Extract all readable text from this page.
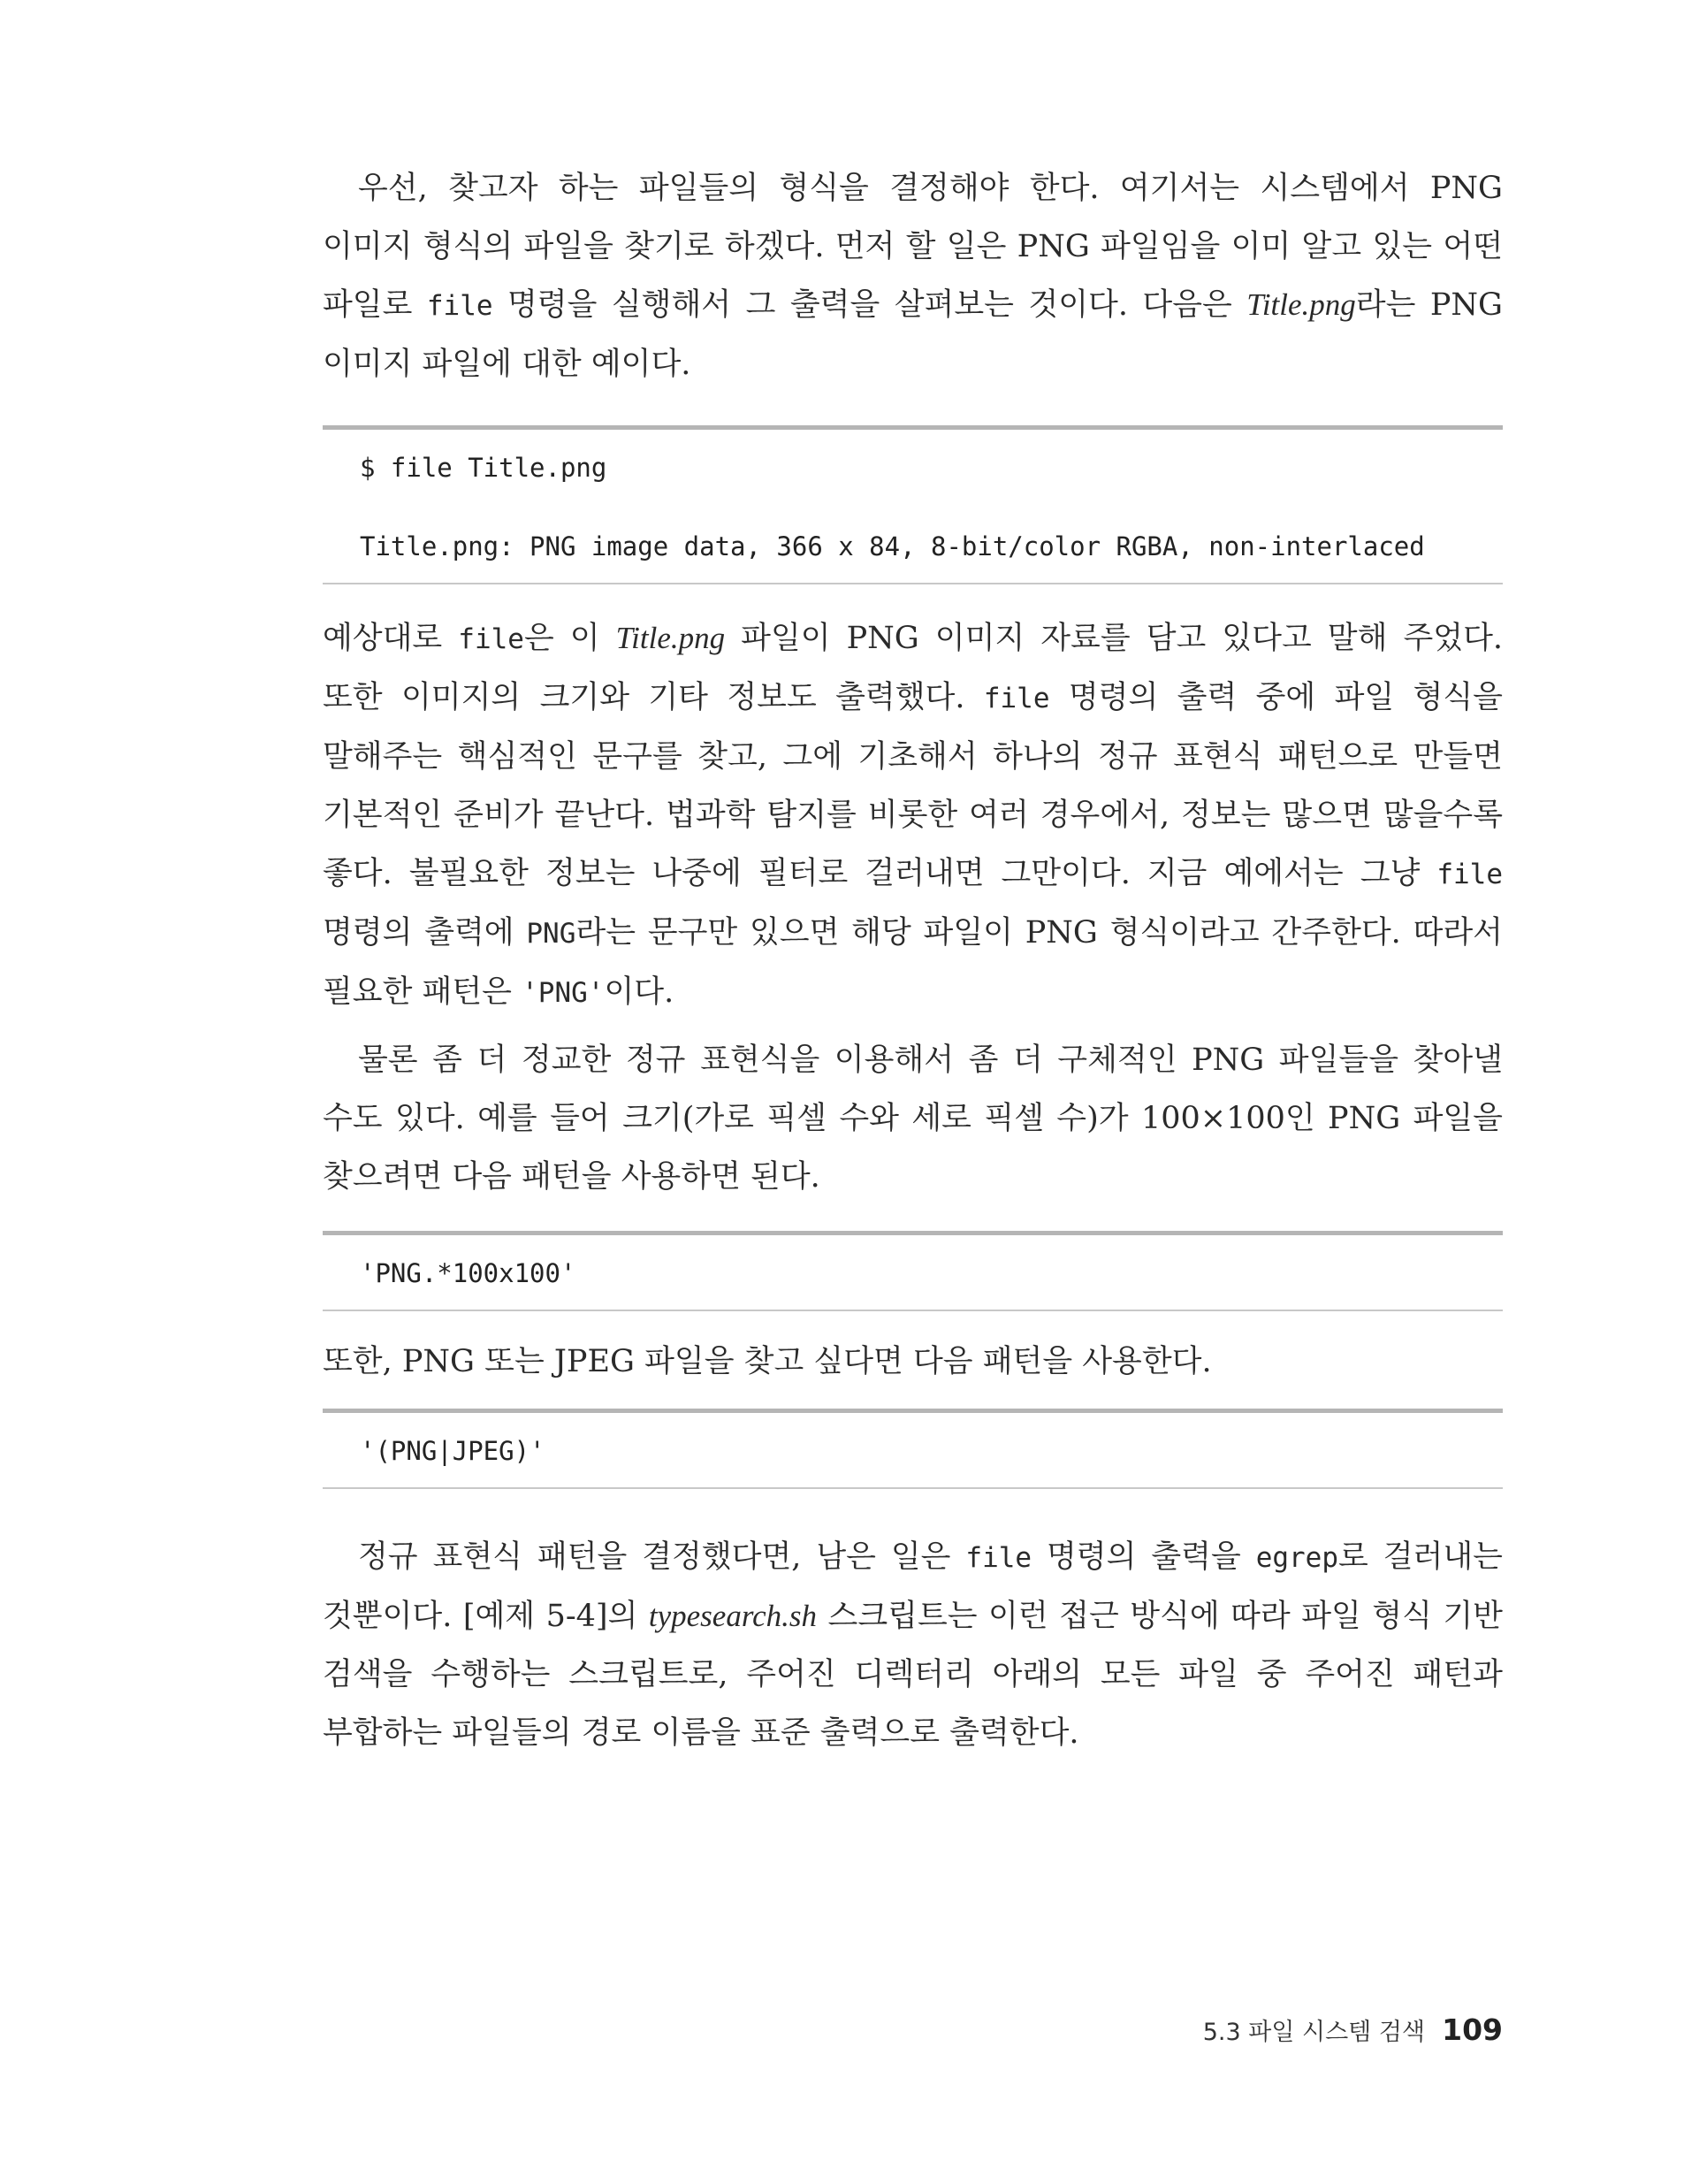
우선, 찾고자 하는 파일들의 형식을 결정해야 한다. 여기서는 시스템에서 PNG 이미지 형식의 파일을 찾기로 하겠다. 먼저 할 일은 PNG 파일임을 이미 알고 있는 어떤 파일로 file 명령을 실행해서 그 출력을 살펴보는 것이다. 다음은 Title.png라는 PNG 이미지 파일에 대한 예이다.

$ file Title.png
Title.png: PNG image data, 366 x 84, 8-bit/color RGBA, non-interlaced

예상대로 file은 이 Title.png 파일이 PNG 이미지 자료를 담고 있다고 말해 주었다. 또한 이미지의 크기와 기타 정보도 출력했다. file 명령의 출력 중에 파일 형식을 말해주는 핵심적인 문구를 찾고, 그에 기초해서 하나의 정규 표현식 패턴으로 만들면 기본적인 준비가 끝난다. 법과학 탐지를 비롯한 여러 경우에서, 정보는 많으면 많을수록 좋다. 불필요한 정보는 나중에 필터로 걸러내면 그만이다. 지금 예에서는 그냥 file 명령의 출력에 PNG라는 문구만 있으면 해당 파일이 PNG 형식이라고 간주한다. 따라서 필요한 패턴은 'PNG'이다.

물론 좀 더 정교한 정규 표현식을 이용해서 좀 더 구체적인 PNG 파일들을 찾아낼 수도 있다. 예를 들어 크기(가로 픽셀 수와 세로 픽셀 수)가 100×100인 PNG 파일을 찾으려면 다음 패턴을 사용하면 된다.

'PNG.*100x100'

또한, PNG 또는 JPEG 파일을 찾고 싶다면 다음 패턴을 사용한다.

'(PNG|JPEG)'

정규 표현식 패턴을 결정했다면, 남은 일은 file 명령의 출력을 egrep로 걸러내는 것뿐이다. [예제 5-4]의 typesearch.sh 스크립트는 이런 접근 방식에 따라 파일 형식 기반 검색을 수행하는 스크립트로, 주어진 디렉터리 아래의 모든 파일 중 주어진 패턴과 부합하는 파일들의 경로 이름을 표준 출력으로 출력한다.

5.3 파일 시스템 검색 109
